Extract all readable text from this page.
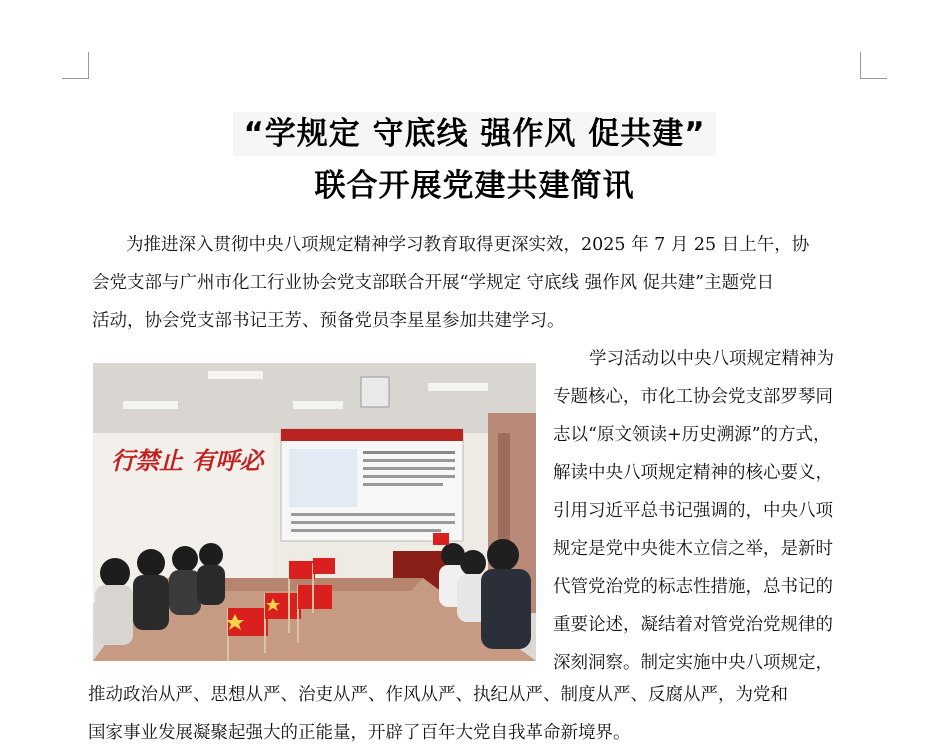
“学规定 守底线 强作风 促共建”
联合开展党建共建简讯

为推进深入贯彻中央八项规定精神学习教育取得更深实效，2025 年 7 月 25 日上午，协

会党支部与广州市化工行业协会党支部联合开展“学规定 守底线 强作风 促共建”主题党日

活动，协会党支部书记王芳、预备党员李星星参加共建学习。

行禁止 有呼必

学习活动以中央八项规定精神为

专题核心，市化工协会党支部罗琴同

志以“原文领读+历史溯源”的方式，

解读中央八项规定精神的核心要义，

引用习近平总书记强调的，中央八项

规定是党中央徙木立信之举，是新时

代管党治党的标志性措施，总书记的

重要论述，凝结着对管党治党规律的

深刻洞察。制定实施中央八项规定，

推动政治从严、思想从严、治吏从严、作风从严、执纪从严、制度从严、反腐从严，为党和

国家事业发展凝聚起强大的正能量，开辟了百年大党自我革命新境界。
